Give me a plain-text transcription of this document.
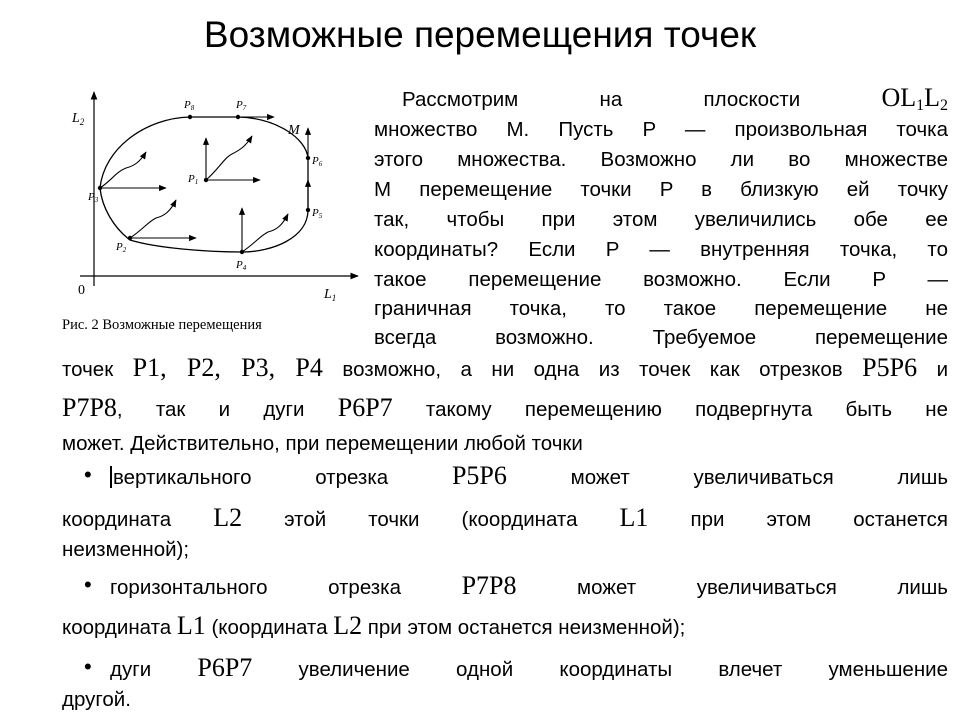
Возможные перемещения точек
$L_2$
$L_1$
0
M
P8	P7
P6
P5
P4
P3
P2
P1
Рис. 2 Возможные перемещения
Рассмотрим на плоскости	$OL_1L_2$
множество M. Пусть P — произвольная точка
этого множества. Возможно ли во множестве
M перемещение точки P в близкую ей точку
так, чтобы при этом увеличились обе ее
координаты? Если P — внутренняя точка, то
такое перемещение возможно. Если P —
граничная точка, то такое перемещение не
всегда возможно. Требуемое перемещение
точек P1, P2, P3, P4 возможно, а ни одна из точек как отрезков P5P6 и
P7P8, так и дуги P6P7 такому перемещению подвергнута быть не
может. Действительно, при перемещении любой точки
• вертикального отрезка P5P6	может увеличиваться лишь
координата L2 этой точки (координата L1 при этом останется
неизменной);
• горизонтального отрезка P7P8	может увеличиваться лишь
координата L1 (координата L2 при этом останется неизменной);
• дуги P6P7 увеличение одной координаты влечет уменьшение
другой.
